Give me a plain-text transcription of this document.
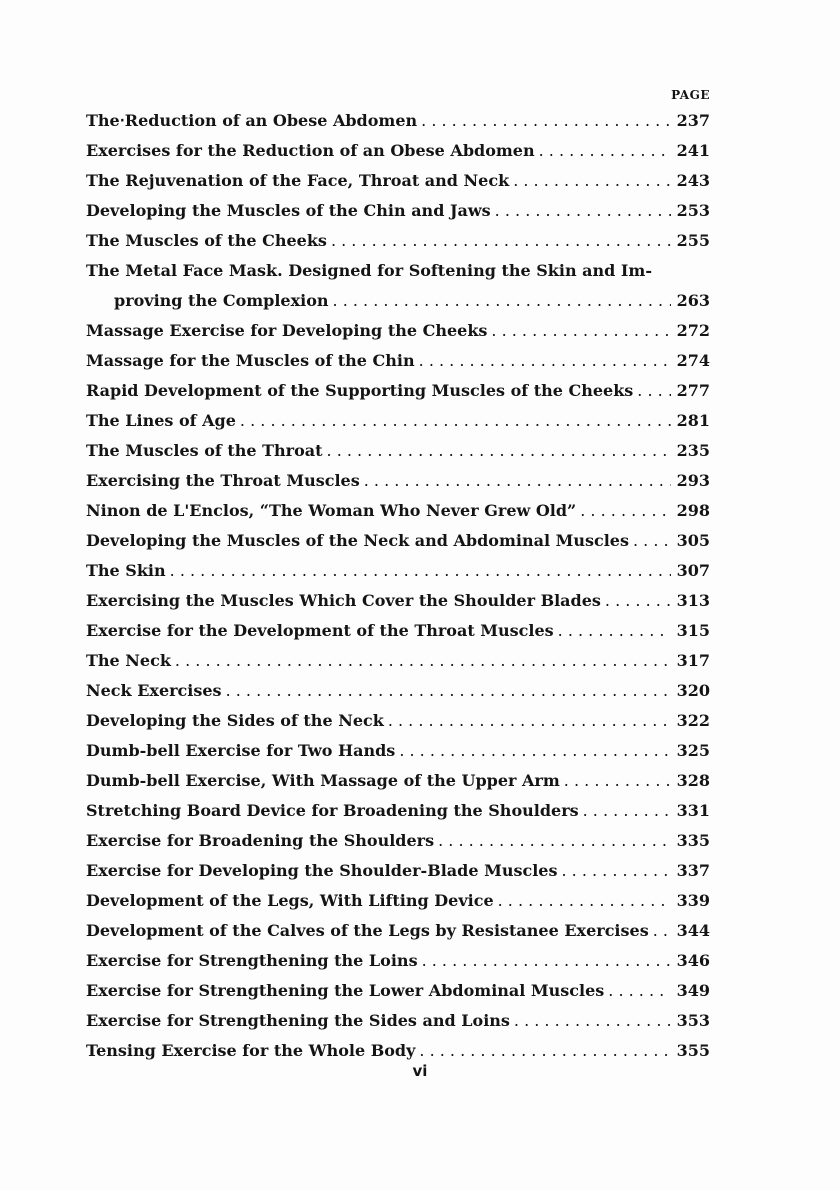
PAGE
The‧Reduction of an Obese Abdomen . . .	237
Exercises for the Reduction of an Obese Abdomen . . .	241
The Rejuvenation of the Face, Throat and Neck . . .	243
Developing the Muscles of the Chin and Jaws . . .	253
The Muscles of the Cheeks . . .	255
The Metal Face Mask. Designed for Softening the Skin and Im-
proving the Complexion . . .	263
Massage Exercise for Developing the Cheeks . . .	272
Massage for the Muscles of the Chin . . .	274
Rapid Development of the Supporting Muscles of the Cheeks . . .	277
The Lines of Age . . .	281
The Muscles of the Throat . . .	235
Exercising the Throat Muscles . . .	293
Ninon de L'Enclos, “The Woman Who Never Grew Old” . . .	298
Developing the Muscles of the Neck and Abdominal Muscles . . .	305
The Skin . . .	307
Exercising the Muscles Which Cover the Shoulder Blades . . .	313
Exercise for the Development of the Throat Muscles . . .	315
The Neck . . .	317
Neck Exercises . . .	320
Developing the Sides of the Neck . . .	322
Dumb-bell Exercise for Two Hands . . .	325
Dumb-bell Exercise, With Massage of the Upper Arm . . .	328
Stretching Board Device for Broadening the Shoulders . . .	331
Exercise for Broadening the Shoulders . . .	335
Exercise for Developing the Shoulder-Blade Muscles . . .	337
Development of the Legs, With Lifting Device . . .	339
Development of the Calves of the Legs by Resistanee Exercises . . . 344
Exercise for Strengthening the Loins . . .	346
Exercise for Strengthening the Lower Abdominal Muscles . . .	349
Exercise for Strengthening the Sides and Loins . . .	353
Tensing Exercise for the Whole Body . . .	355
vi
